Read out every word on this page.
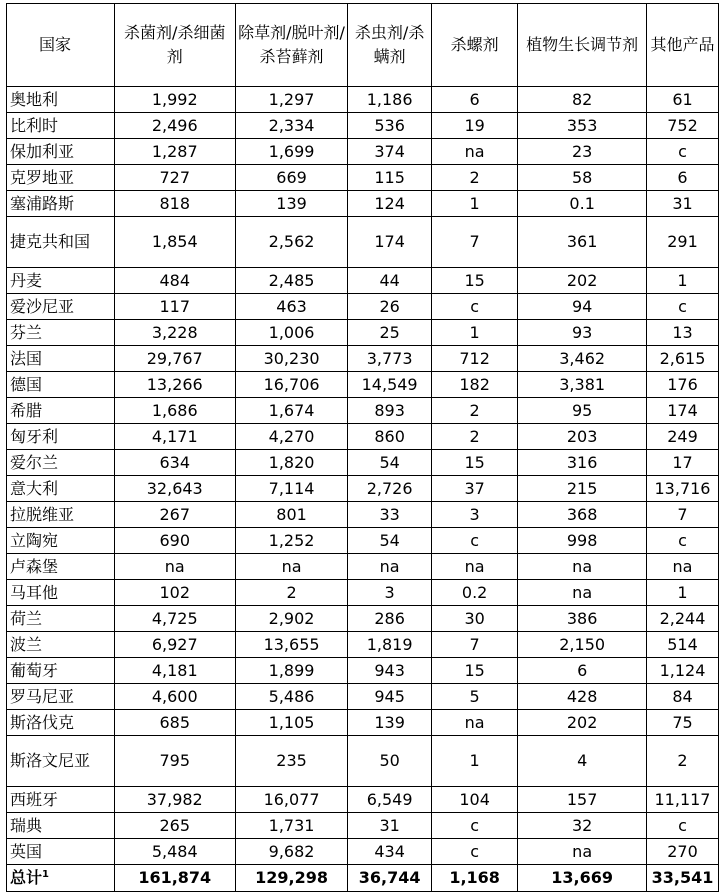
国家	杀菌剂/杀细菌剂	除草剂/脱叶剂/杀苔藓剂	杀虫剂/杀螨剂	杀螺剂	植物生长调节剂	其他产品
奥地利	1,992	1,297	1,186	6	82	61
比利时	2,496	2,334	536	19	353	752
保加利亚	1,287	1,699	374	na	23	c
克罗地亚	727	669	115	2	58	6
塞浦路斯	818	139	124	1	0.1	31
捷克共和国	1,854	2,562	174	7	361	291
丹麦	484	2,485	44	15	202	1
爱沙尼亚	117	463	26	c	94	c
芬兰	3,228	1,006	25	1	93	13
法国	29,767	30,230	3,773	712	3,462	2,615
德国	13,266	16,706	14,549	182	3,381	176
希腊	1,686	1,674	893	2	95	174
匈牙利	4,171	4,270	860	2	203	249
爱尔兰	634	1,820	54	15	316	17
意大利	32,643	7,114	2,726	37	215	13,716
拉脱维亚	267	801	33	3	368	7
立陶宛	690	1,252	54	c	998	c
卢森堡	na	na	na	na	na	na
马耳他	102	2	3	0.2	na	1
荷兰	4,725	2,902	286	30	386	2,244
波兰	6,927	13,655	1,819	7	2,150	514
葡萄牙	4,181	1,899	943	15	6	1,124
罗马尼亚	4,600	5,486	945	5	428	84
斯洛伐克	685	1,105	139	na	202	75
斯洛文尼亚	795	235	50	1	4	2
西班牙	37,982	16,077	6,549	104	157	11,117
瑞典	265	1,731	31	c	32	c
英国	5,484	9,682	434	c	na	270
总计$^1$	161,874	129,298	36,744	1,168	13,669	33,541
